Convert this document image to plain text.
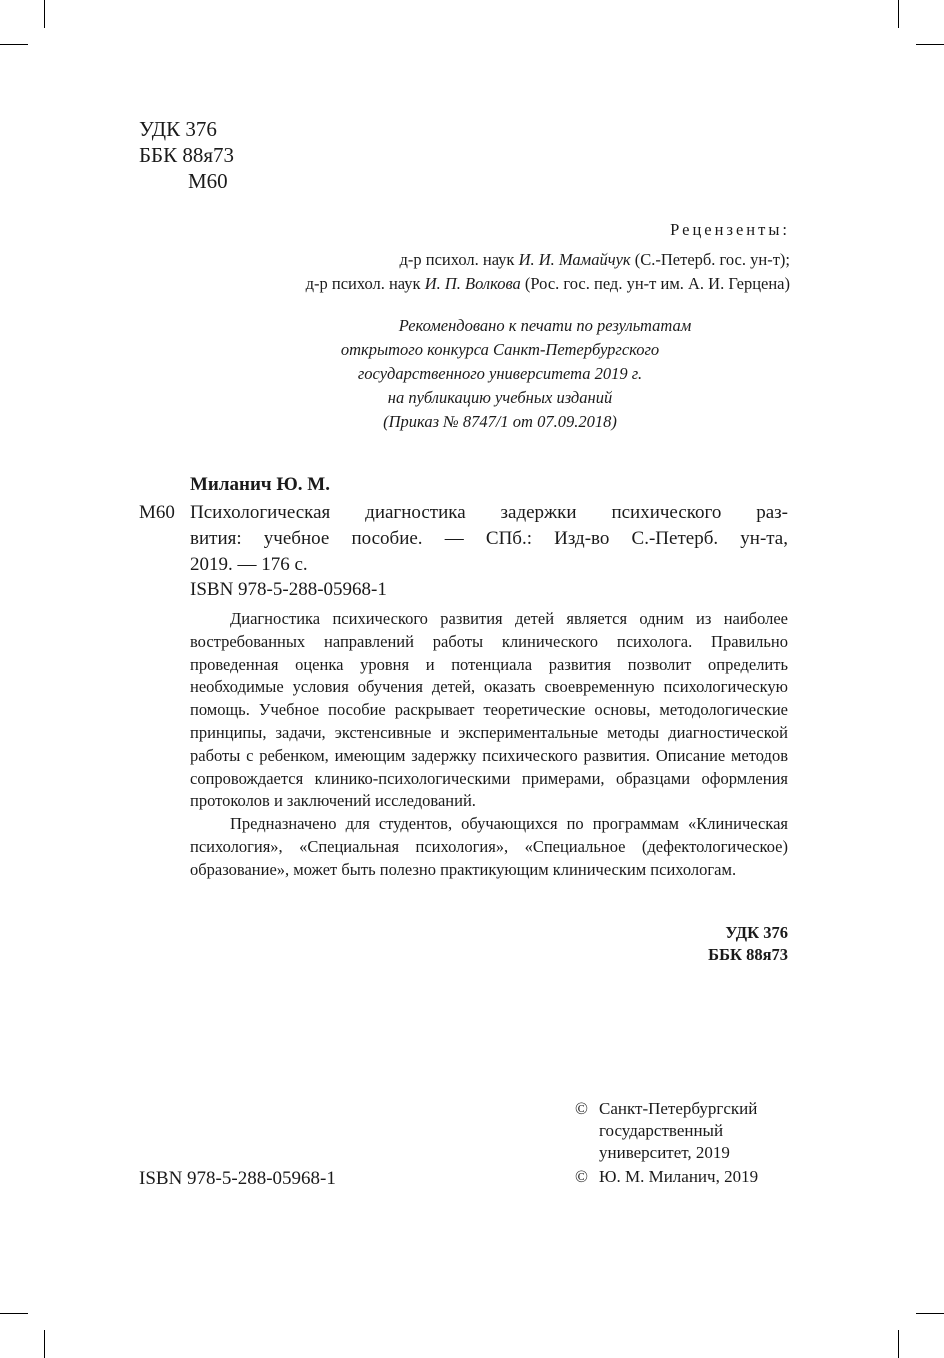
УДК 376
ББК 88я73
М60
Рецензенты:
д-р психол. наук И. И. Мамайчук (С.-Петерб. гос. ун-т);
д-р психол. наук И. П. Волкова (Рос. гос. пед. ун-т им. А. И. Герцена)
Рекомендовано к печати по результатам
открытого конкурса Санкт-Петербургского
государственного университета 2019 г.
на публикацию учебных изданий
(Приказ № 8747/1 от 07.09.2018)
Миланич Ю. М.
М60 Психологическая диагностика задержки психического раз-
вития: учебное пособие. — СПб.: Изд-во С.-Петерб. ун-та,
2019. — 176 с.
ISBN 978-5-288-05968-1

Диагностика психического развития детей является одним из наиболее востребованных направлений работы клинического психолога. Правильно проведенная оценка уровня и потенциала развития позволит определить необходимые условия обучения детей, оказать своевременную психологическую помощь. Учебное пособие раскрывает теоретические основы, методологические принципы, задачи, экстенсивные и экспериментальные методы диагностической работы с ребенком, имеющим задержку психического развития. Описание методов сопровождается клинико-психологическими примерами, образцами оформления протоколов и заключений исследований.

Предназначено для студентов, обучающихся по программам «Клиническая психология», «Специальная психология», «Специальное (дефектологическое) образование», может быть полезно практикующим клиническим психологам.

УДК 376
ББК 88я73
© Санкт-Петербургский
государственный
университет, 2019
© Ю. М. Миланич, 2019
ISBN 978-5-288-05968-1
